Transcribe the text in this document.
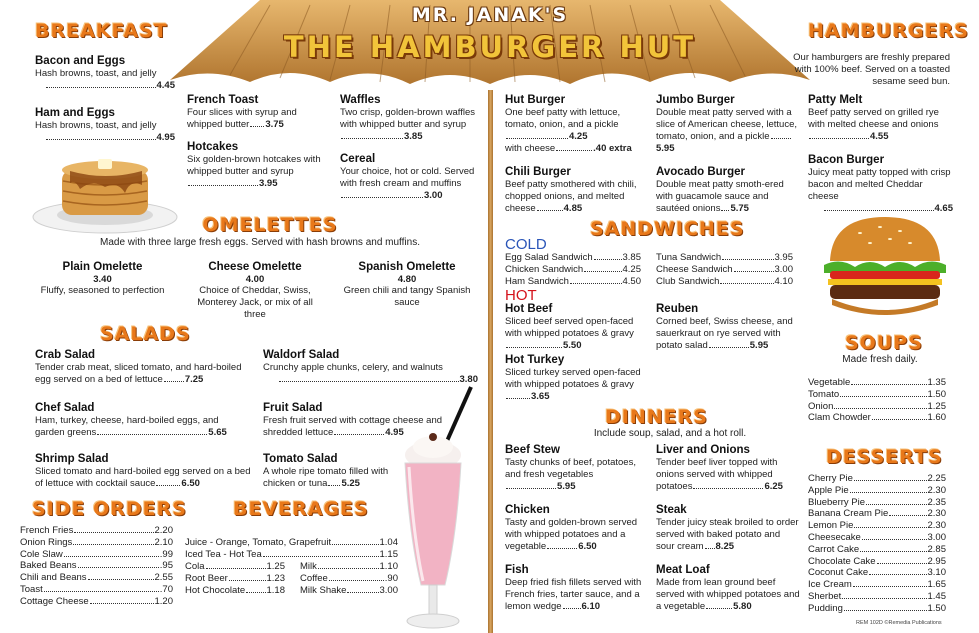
MR. JANAK'S
THE HAMBURGER HUT
BREAKFAST
Bacon and Eggs
Hash browns, toast, and jelly
4.45
Ham and Eggs
Hash browns, toast, and jelly
4.95
French Toast
Four slices with syrup and whipped butter 3.75
Hotcakes
Six golden-brown hotcakes with whipped butter and syrup3.95
Waffles
Two crisp, golden-brown waffles with whipped butter and syrup3.85
Cereal
Your choice, hot or cold. Served with fresh cream and muffins3.00
OMELETTES
Made with three large fresh eggs. Served with hash browns and muffins.
Plain Omelette
3.40
Fluffy, seasoned to perfection
Cheese Omelette
4.00
Choice of Cheddar, Swiss, Monterey Jack, or mix of all three
Spanish Omelette
4.80
Green chili and tangy Spanish sauce
SALADS
Crab Salad
Tender crab meat, sliced tomato, and hard-boiled egg served on a bed of lettuce 7.25
Waldorf Salad
Crunchy apple chunks, celery, and walnuts
3.80
Chef Salad
Ham, turkey, cheese, hard-boiled eggs, and garden greens	5.65
Fruit Salad
Fresh fruit served with cottage cheese and shredded lettuce	4.95
Shrimp Salad
Sliced tomato and hard-boiled egg served on a bed of lettuce with cocktail sauce	6.50
Tomato Salad
A whole ripe tomato filled with chicken or tuna 5.25
SIDE ORDERS
French Fries	2.20
Onion Rings	2.10
Cole Slaw	.99
Baked Beans	.95
Chili and Beans	2.55
Toast	.70
Cottage Cheese	1.20
BEVERAGES
Juice - Orange, Tomato, Grapefruit	1.04
Iced Tea - Hot Tea	1.15
Cola	1.25
Root Beer	1.23
Hot Chocolate 1.18
Milk	1.10
Coffee	.90
Milk Shake	3.00
Hut Burger
One beef patty with lettuce, tomato, onion, and a pickle4.25
with cheese	.40 extra
Jumbo Burger
Double meat patty served with a slice of American cheese, lettuce, tomato, onion, and a pickle5.95
Chili Burger
Beef patty smothered with chili, chopped onions, and melted cheese	4.85
Avocado Burger
Double meat patty smoth-ered with guacamole sauce and sautéed onions 5.75
HAMBURGERS
Our hamburgers are freshly prepared with 100% beef. Served on a toasted sesame seed bun.
Patty Melt
Beef patty served on grilled rye with melted cheese and onions4.55
Bacon Burger
Juicy meat patty topped with crisp bacon and melted Cheddar cheese
4.65
SANDWICHES
COLD
Egg Salad Sandwich	3.85
Chicken Sandwich	4.25
Ham Sandwich	4.50
Tuna Sandwich	3.95
Cheese Sandwich	3.00
Club Sandwich	4.10
HOT
Hot Beef
Sliced beef served open-faced with whipped potatoes & gravy5.50
Reuben
Corned beef, Swiss cheese, and sauerkraut on rye served with potato salad	5.95
Hot Turkey
Sliced turkey served open-faced with whipped potatoes & gravy3.65
DINNERS
Include soup, salad, and a hot roll.
Beef Stew
Tasty chunks of beef, potatoes, and fresh vegetables5.95
Liver and Onions
Tender beef liver topped with onions served with whipped potatoes	6.25
Chicken
Tasty and golden-brown served with whipped potatoes and a vegetable	6.50
Steak
Tender juicy steak broiled to order served with baked potato and sour cream 8.25
Fish
Deep fried fish fillets served with French fries, tarter sauce, and a lemon wedge 6.10
Meat Loaf
Made from lean ground beef served with whipped potatoes and a vegetable	5.80
SOUPS
Made fresh daily.
Vegetable	1.35
Tomato	1.50
Onion	1.25
Clam Chowder	1.60
DESSERTS
Cherry Pie	2.25
Apple Pie	2.30
Blueberry Pie	2.35
Banana Cream Pie	2.30
Lemon Pie	2.30
Cheesecake	3.00
Carrot Cake	2.85
Chocolate Cake	2.95
Coconut Cake	3.10
Ice Cream	1.65
Sherbet	1.45
Pudding	1.50
REM 102D ©Remedia Publications
